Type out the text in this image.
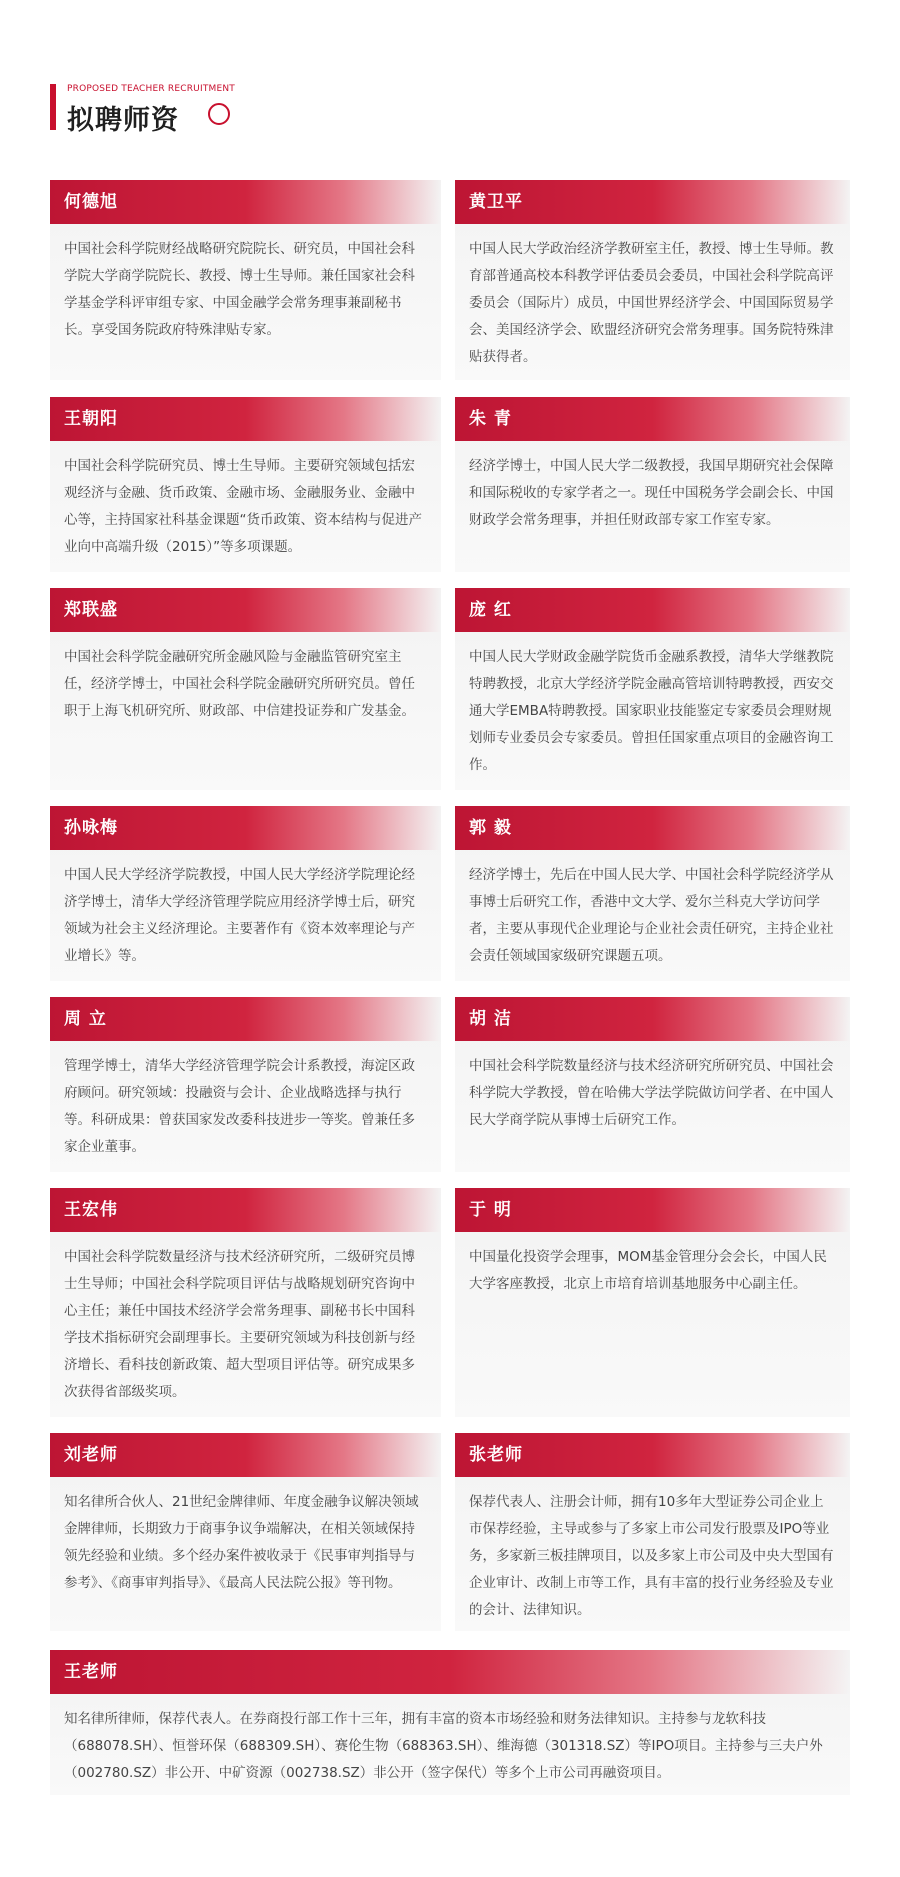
PROPOSED TEACHER RECRUITMENT
拟聘师资
何德旭
中国社会科学院财经战略研究院院长、研究员，中国社会科学院大学商学院院长、教授、博士生导师。兼任国家社会科学基金学科评审组专家、中国金融学会常务理事兼副秘书长。享受国务院政府特殊津贴专家。
黄卫平
中国人民大学政治经济学教研室主任，教授、博士生导师。教育部普通高校本科教学评估委员会委员，中国社会科学院高评委员会（国际片）成员，中国世界经济学会、中国国际贸易学会、美国经济学会、欧盟经济研究会常务理事。国务院特殊津贴获得者。
王朝阳
中国社会科学院研究员、博士生导师。主要研究领域包括宏观经济与金融、货币政策、金融市场、金融服务业、金融中心等，主持国家社科基金课题“货币政策、资本结构与促进产业向中高端升级（2015）”等多项课题。
朱 青
经济学博士，中国人民大学二级教授，我国早期研究社会保障和国际税收的专家学者之一。现任中国税务学会副会长、中国财政学会常务理事，并担任财政部专家工作室专家。
郑联盛
中国社会科学院金融研究所金融风险与金融监管研究室主任，经济学博士，中国社会科学院金融研究所研究员。曾任职于上海飞机研究所、财政部、中信建投证券和广发基金。
庞 红
中国人民大学财政金融学院货币金融系教授，清华大学继教院特聘教授，北京大学经济学院金融高管培训特聘教授，西安交通大学EMBA特聘教授。国家职业技能鉴定专家委员会理财规划师专业委员会专家委员。曾担任国家重点项目的金融咨询工作。
孙咏梅
中国人民大学经济学院教授，中国人民大学经济学院理论经济学博士，清华大学经济管理学院应用经济学博士后，研究领域为社会主义经济理论。主要著作有《资本效率理论与产业增长》等。
郭 毅
经济学博士，先后在中国人民大学、中国社会科学院经济学从事博士后研究工作，香港中文大学、爱尔兰科克大学访问学者，主要从事现代企业理论与企业社会责任研究，主持企业社会责任领域国家级研究课题五项。
周 立
管理学博士，清华大学经济管理学院会计系教授，海淀区政府顾问。研究领域：投融资与会计、企业战略选择与执行等。科研成果：曾获国家发改委科技进步一等奖。曾兼任多家企业董事。
胡 洁
中国社会科学院数量经济与技术经济研究所研究员、中国社会科学院大学教授，曾在哈佛大学法学院做访问学者、在中国人民大学商学院从事博士后研究工作。
王宏伟
中国社会科学院数量经济与技术经济研究所，二级研究员博士生导师；中国社会科学院项目评估与战略规划研究咨询中心主任；兼任中国技术经济学会常务理事、副秘书长中国科学技术指标研究会副理事长。主要研究领域为科技创新与经济增长、看科技创新政策、超大型项目评估等。研究成果多次获得省部级奖项。
于 明
中国量化投资学会理事，MOM基金管理分会会长，中国人民大学客座教授，北京上市培育培训基地服务中心副主任。
刘老师
知名律所合伙人、21世纪金牌律师、年度金融争议解决领域金牌律师，长期致力于商事争议争端解决，在相关领域保持领先经验和业绩。多个经办案件被收录于《民事审判指导与参考》、《商事审判指导》、《最高人民法院公报》等刊物。
张老师
保荐代表人、注册会计师，拥有10多年大型证券公司企业上市保荐经验，主导或参与了多家上市公司发行股票及IPO等业务，多家新三板挂牌项目，以及多家上市公司及中央大型国有企业审计、改制上市等工作，具有丰富的投行业务经验及专业的会计、法律知识。
王老师
知名律所律师，保荐代表人。在券商投行部工作十三年，拥有丰富的资本市场经验和财务法律知识。主持参与龙软科技（688078.SH）、恒誉环保（688309.SH）、赛伦生物（688363.SH）、维海德（301318.SZ）等IPO项目。主持参与三夫户外（002780.SZ）非公开、中矿资源（002738.SZ）非公开（签字保代）等多个上市公司再融资项目。
